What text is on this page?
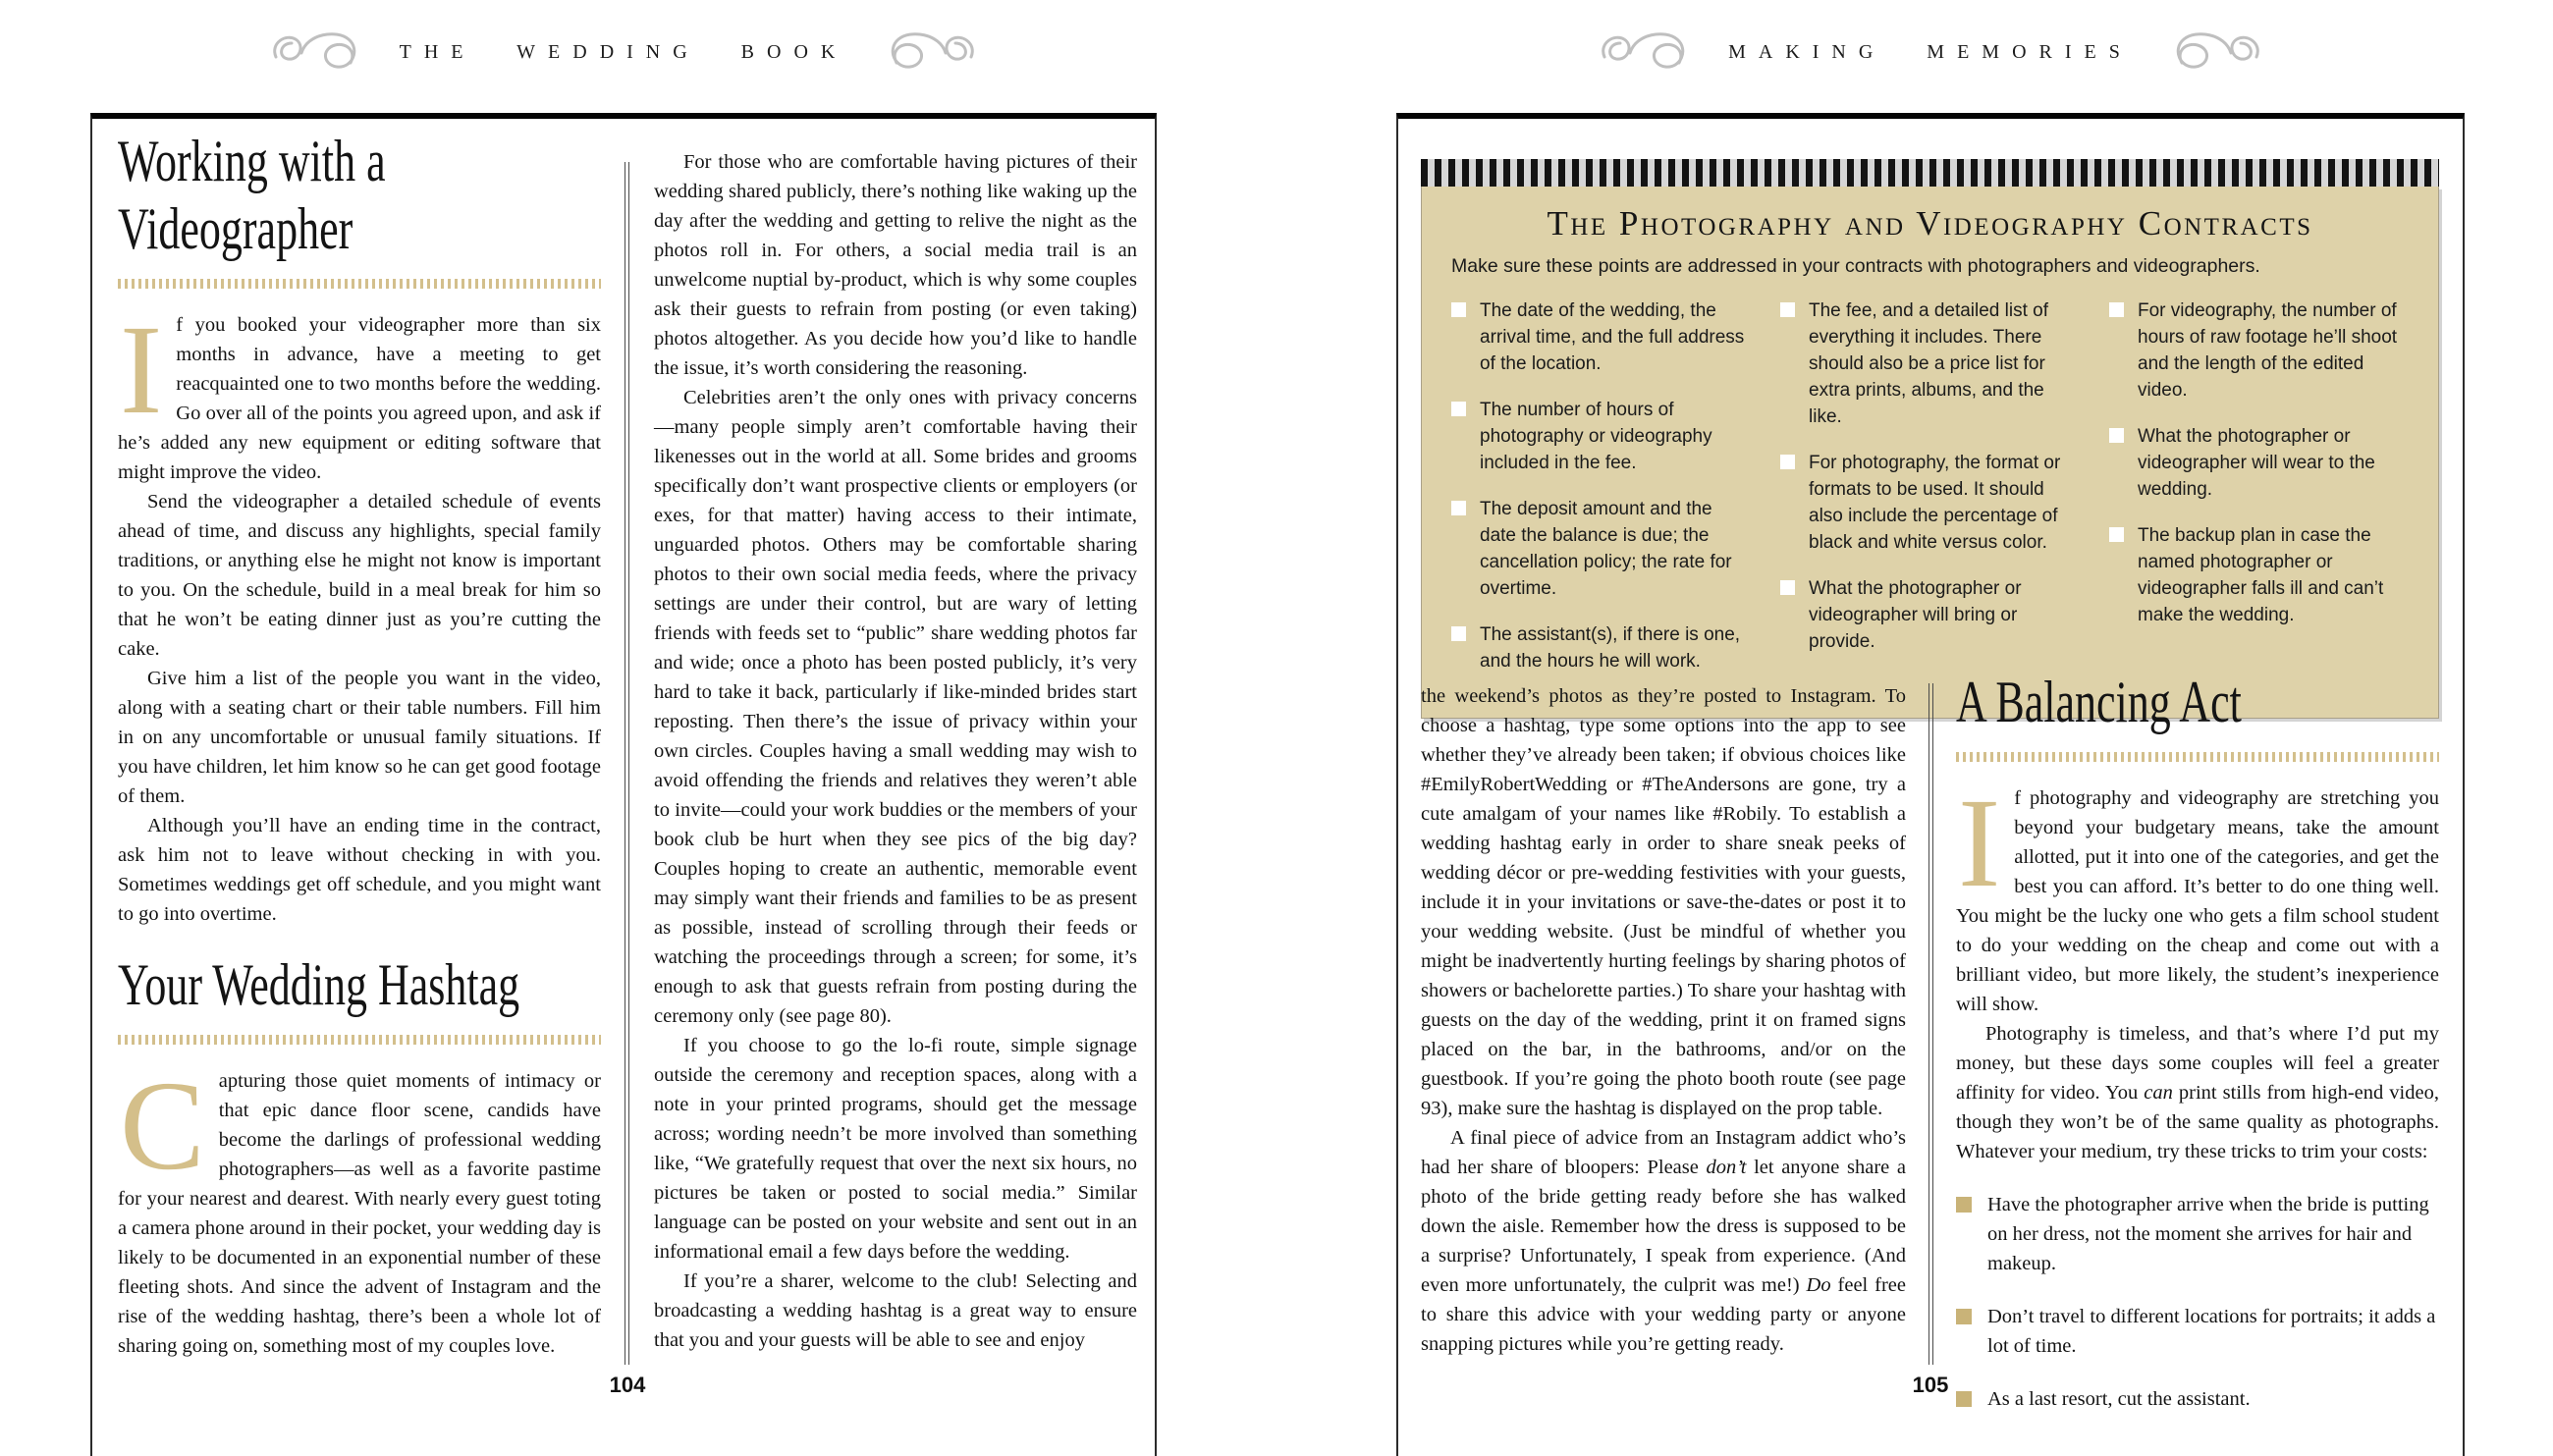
THE WEDDING BOOK	MAKING MEMORIES
Working with a Videographer

If you booked your videographer more than six months in advance, have a meeting to get reacquainted one to two months before the wedding. Go over all of the points you agreed upon, and ask if he’s added any new equipment or editing software that might improve the video.

Send the videographer a detailed schedule of events ahead of time, and discuss any highlights, special family traditions, or anything else he might not know is important to you. On the schedule, build in a meal break for him so that he won’t be eating dinner just as you’re cutting the cake.

Give him a list of the people you want in the video, along with a seating chart or their table numbers. Fill him in on any uncomfortable or unusual family situations. If you have children, let him know so he can get good footage of them.

Although you’ll have an ending time in the contract, ask him not to leave without checking in with you. Sometimes weddings get off schedule, and you might want to go into overtime.

Your Wedding Hashtag

Capturing those quiet moments of intimacy or that epic dance floor scene, candids have become the darlings of professional wedding photographers—as well as a favorite pastime for your nearest and dearest. With nearly every guest toting a camera phone around in their pocket, your wedding day is likely to be documented in an exponential number of these fleeting shots. And since the advent of Instagram and the rise of the wedding hashtag, there’s been a whole lot of sharing going on, something most of my couples love.

For those who are comfortable having pictures of their wedding shared publicly, there’s nothing like waking up the day after the wedding and getting to relive the night as the photos roll in. For others, a social media trail is an unwelcome nuptial by-product, which is why some couples ask their guests to refrain from posting (or even taking) photos altogether. As you decide how you’d like to handle the issue, it’s worth considering the reasoning.

Celebrities aren’t the only ones with privacy concerns—many people simply aren’t comfortable having their likenesses out in the world at all. Some brides and grooms specifically don’t want prospective clients or employers (or exes, for that matter) having access to their intimate, unguarded photos. Others may be comfortable sharing photos to their own social media feeds, where the privacy settings are under their control, but are wary of letting friends with feeds set to “public” share wedding photos far and wide; once a photo has been posted publicly, it’s very hard to take it back, particularly if like-minded brides start reposting. Then there’s the issue of privacy within your own circles. Couples having a small wedding may wish to avoid offending the friends and relatives they weren’t able to invite—could your work buddies or the members of your book club be hurt when they see pics of the big day? Couples hoping to create an authentic, memorable event may simply want their friends and families to be as present as possible, instead of scrolling through their feeds or watching the proceedings through a screen; for some, it’s enough to ask that guests refrain from posting during the ceremony only (see page 80).

If you choose to go the lo-fi route, simple signage outside the ceremony and reception spaces, along with a note in your printed programs, should get the message across; wording needn’t be more involved than something like, “We gratefully request that over the next six hours, no pictures be taken or posted to social media.” Similar language can be posted on your website and sent out in an informational email a few days before the wedding.

If you’re a sharer, welcome to the club! Selecting and broadcasting a wedding hashtag is a great way to ensure that you and your guests will be able to see and enjoy

The Photography and Videography Contracts
Make sure these points are addressed in your contracts with photographers and videographers.
The date of the wedding, the arrival time, and the full address of the location.
The number of hours of photography or videography included in the fee.
The deposit amount and the date the balance is due; the cancellation policy; the rate for overtime.
The assistant(s), if there is one, and the hours he will work.
The fee, and a detailed list of everything it includes. There should also be a price list for extra prints, albums, and the like.
For photography, the format or formats to be used. It should also include the percentage of black and white versus color.
What the photographer or videographer will bring or provide.
For videography, the number of hours of raw footage he’ll shoot and the length of the edited video.
What the photographer or videographer will wear to the wedding.
The backup plan in case the named photographer or videographer falls ill and can’t make the wedding.

the weekend’s photos as they’re posted to Instagram. To choose a hashtag, type some options into the app to see whether they’ve already been taken; if obvious choices like #EmilyRobertWedding or #TheAndersons are gone, try a cute amalgam of your names like #Robily. To establish a wedding hashtag early in order to share sneak peeks of wedding décor or pre-wedding festivities with your guests, include it in your invitations or save-the-dates or post it to your wedding website. (Just be mindful of whether you might be inadvertently hurting feelings by sharing photos of showers or bachelorette parties.) To share your hashtag with guests on the day of the wedding, print it on framed signs placed on the bar, in the bathrooms, and/or on the guestbook. If you’re going the photo booth route (see page 93), make sure the hashtag is displayed on the prop table.

A final piece of advice from an Instagram addict who’s had her share of bloopers: Please don’t let anyone share a photo of the bride getting ready before she has walked down the aisle. Remember how the dress is supposed to be a surprise? Unfortunately, I speak from experience. (And even more unfortunately, the culprit was me!) Do feel free to share this advice with your wedding party or anyone snapping pictures while you’re getting ready.

A Balancing Act

If photography and videography are stretching you beyond your budgetary means, take the amount allotted, put it into one of the categories, and get the best you can afford. It’s better to do one thing well. You might be the lucky one who gets a film school student to do your wedding on the cheap and come out with a brilliant video, but more likely, the student’s inexperience will show.

Photography is timeless, and that’s where I’d put my money, but these days some couples will feel a greater affinity for video. You can print stills from high-end video, though they won’t be of the same quality as photographs. Whatever your medium, try these tricks to trim your costs:

Have the photographer arrive when the bride is putting on her dress, not the moment she arrives for hair and makeup.
Don’t travel to different locations for portraits; it adds a lot of time.
As a last resort, cut the assistant.
104	105
